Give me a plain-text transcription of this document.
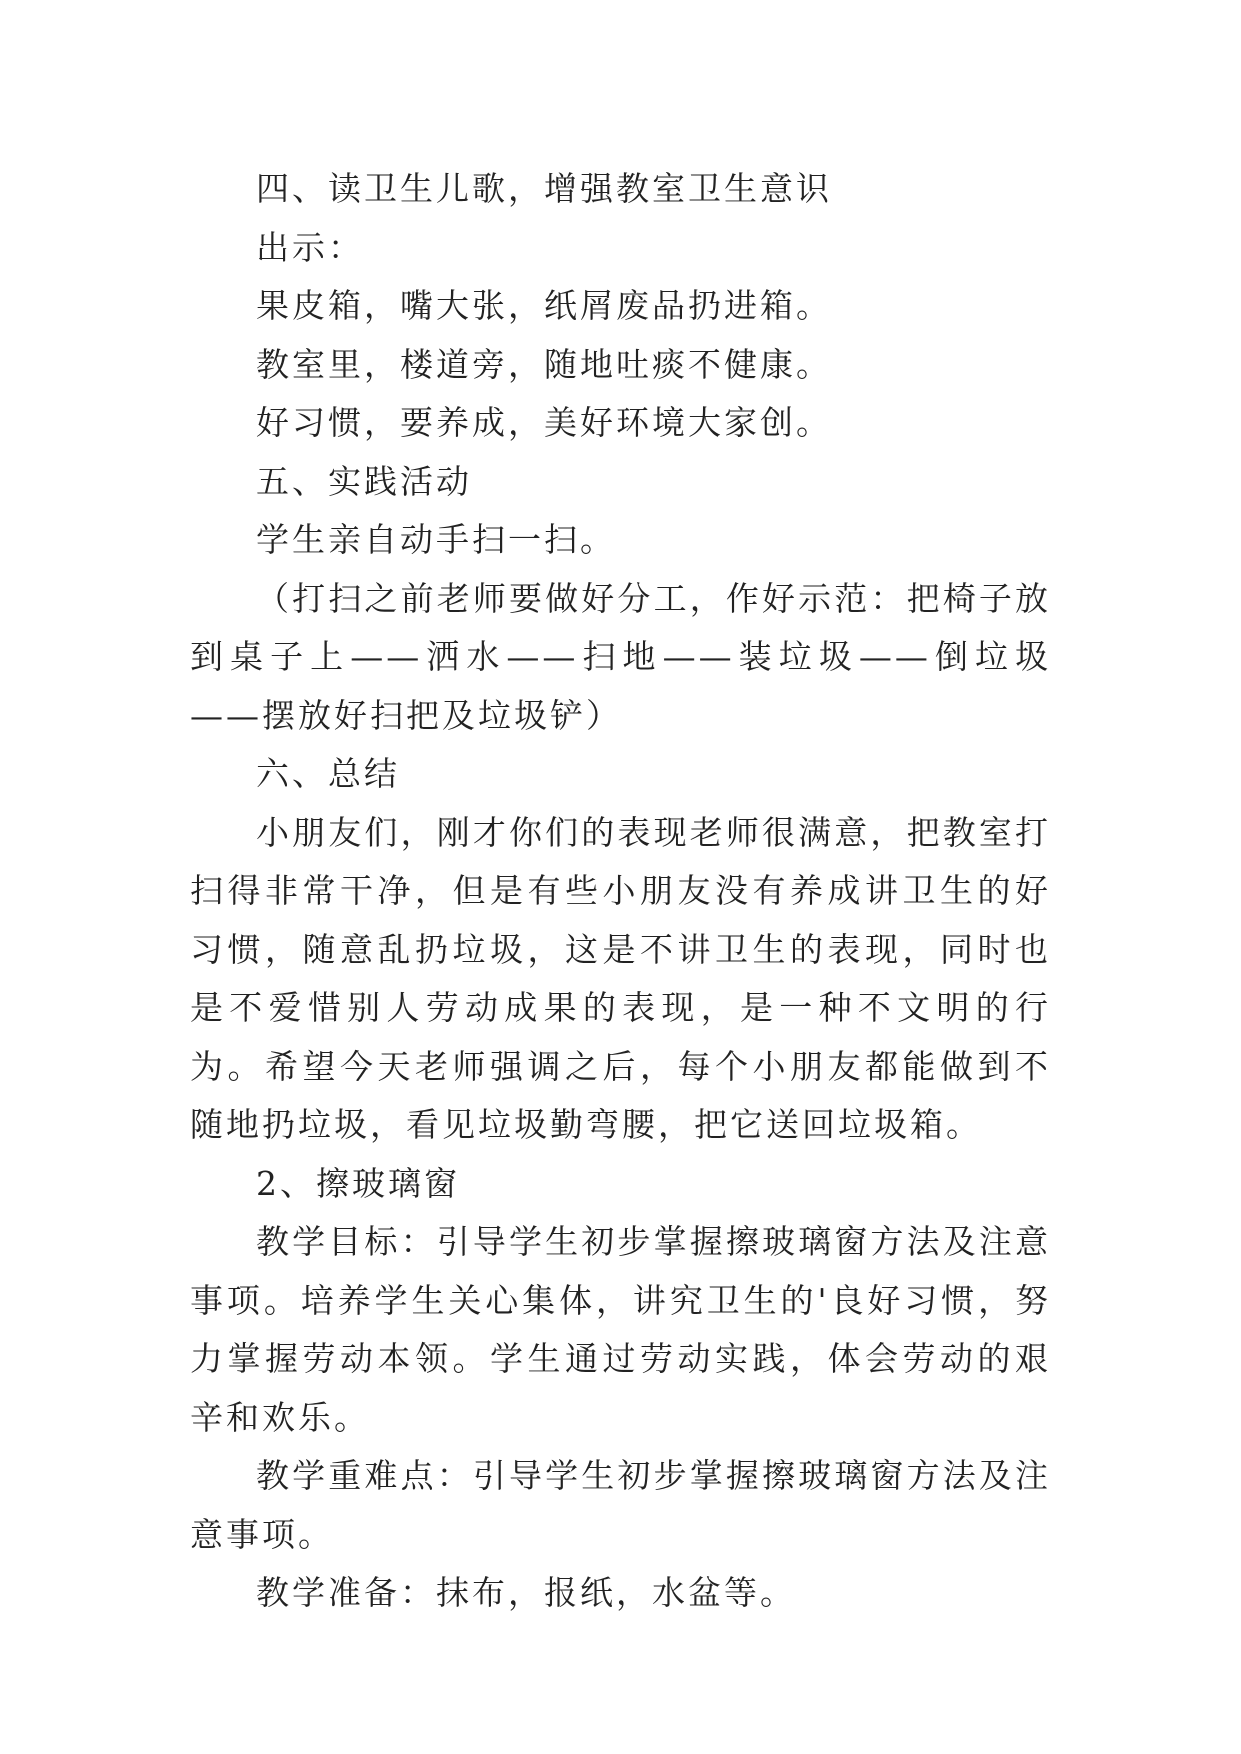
四、读卫生儿歌，增强教室卫生意识

出示：

果皮箱，嘴大张，纸屑废品扔进箱。

教室里，楼道旁，随地吐痰不健康。

好习惯，要养成，美好环境大家创。

五、实践活动

学生亲自动手扫一扫。

（打扫之前老师要做好分工，作好示范：把椅子放到桌子上——洒水——扫地——装垃圾——倒垃圾——摆放好扫把及垃圾铲）

六、总结

小朋友们，刚才你们的表现老师很满意，把教室打扫得非常干净，但是有些小朋友没有养成讲卫生的好习惯，随意乱扔垃圾，这是不讲卫生的表现，同时也是不爱惜别人劳动成果的表现，是一种不文明的行为。希望今天老师强调之后，每个小朋友都能做到不随地扔垃圾，看见垃圾勤弯腰，把它送回垃圾箱。

2、擦玻璃窗

教学目标：引导学生初步掌握擦玻璃窗方法及注意事项。培养学生关心集体，讲究卫生的'良好习惯，努力掌握劳动本领。学生通过劳动实践，体会劳动的艰辛和欢乐。

教学重难点：引导学生初步掌握擦玻璃窗方法及注意事项。

教学准备：抹布，报纸，水盆等。
